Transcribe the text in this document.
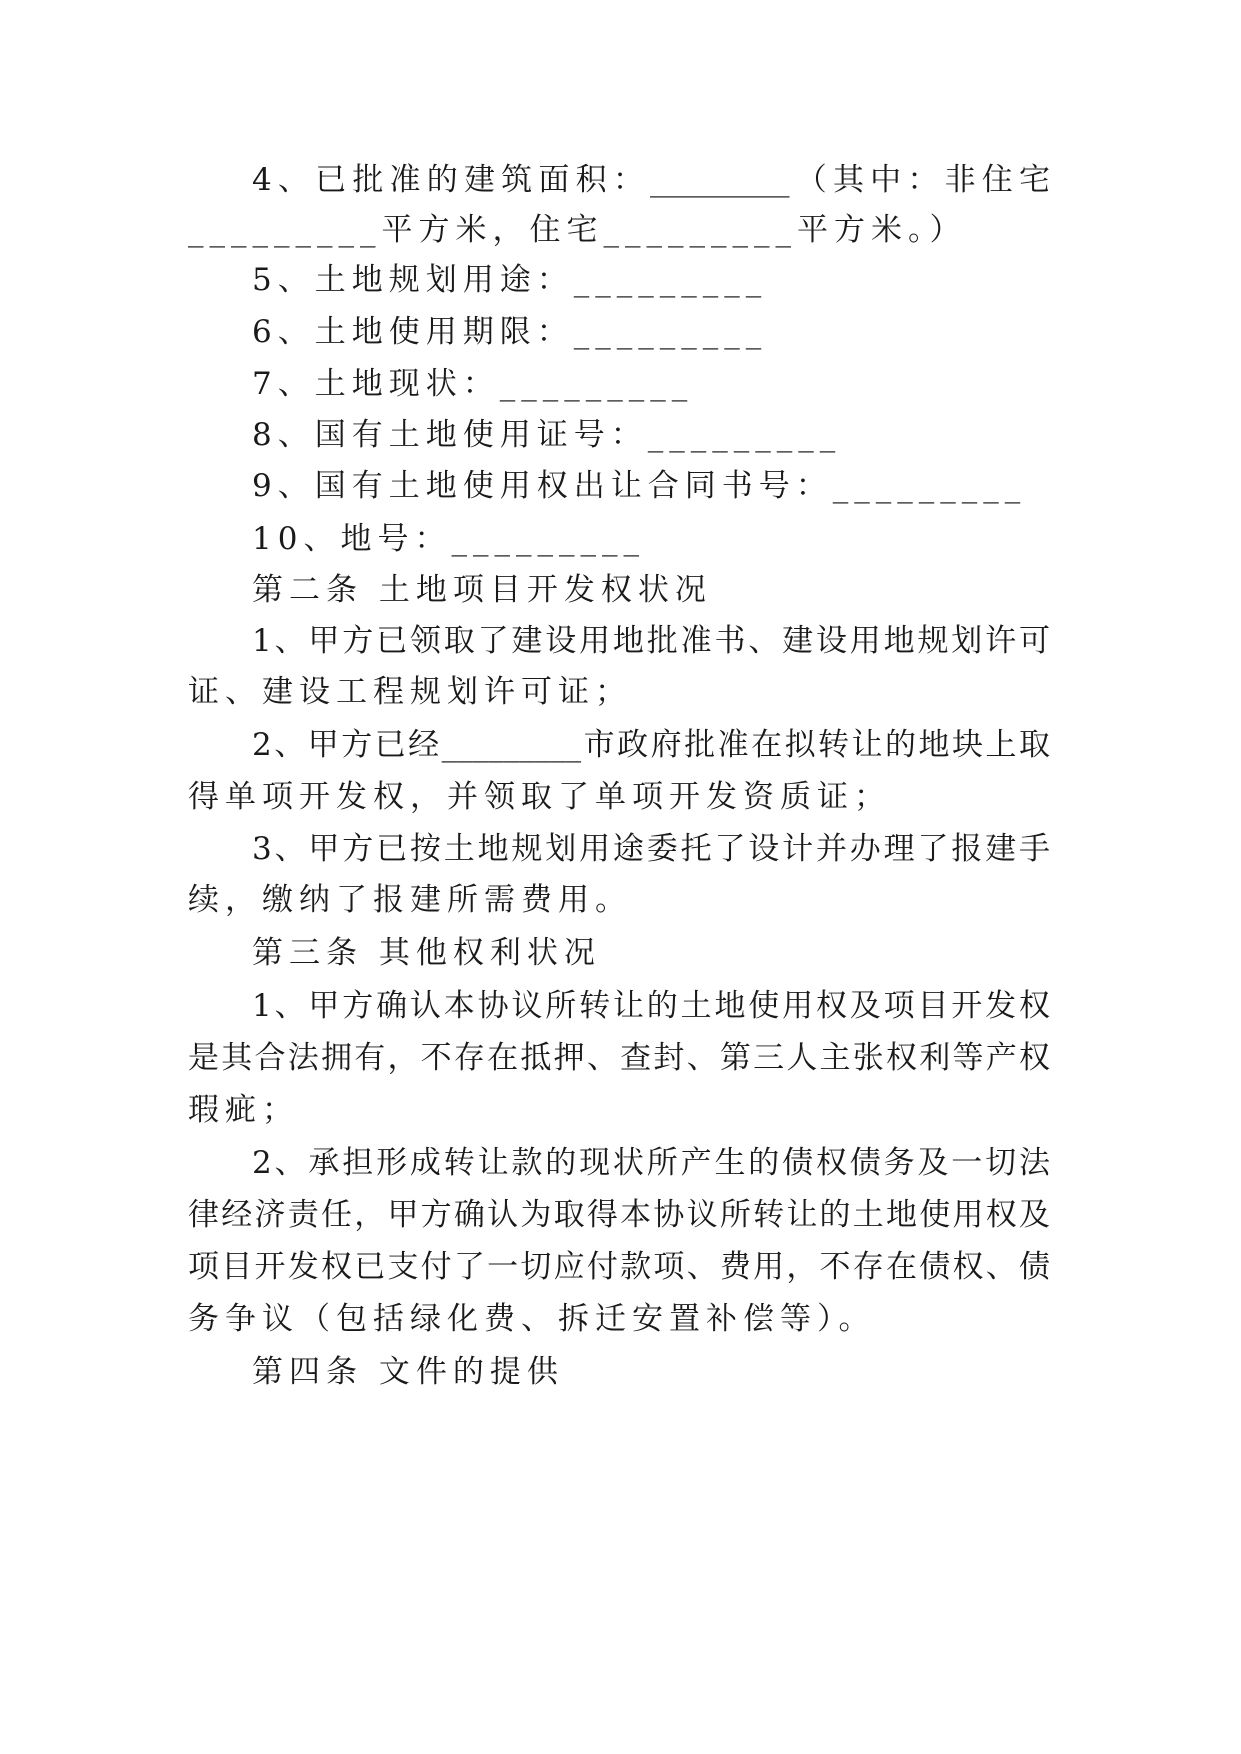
4、已批准的建筑面积：_________（其中：非住宅
_________平方米，住宅_________平方米。）
5、土地规划用途：_________
6、土地使用期限：_________
7、土地现状：_________
8、国有土地使用证号：_________
9、国有土地使用权出让合同书号：_________
10、地号：_________
第二条 土地项目开发权状况
1、甲方已领取了建设用地批准书、建设用地规划许可
证、建设工程规划许可证；
2、甲方已经_________市政府批准在拟转让的地块上取
得单项开发权，并领取了单项开发资质证；
3、甲方已按土地规划用途委托了设计并办理了报建手
续，缴纳了报建所需费用。
第三条 其他权利状况
1、甲方确认本协议所转让的土地使用权及项目开发权
是其合法拥有，不存在抵押、查封、第三人主张权利等产权
瑕疵；
2、承担形成转让款的现状所产生的债权债务及一切法
律经济责任，甲方确认为取得本协议所转让的土地使用权及
项目开发权已支付了一切应付款项、费用，不存在债权、债
务争议（包括绿化费、拆迁安置补偿等）。
第四条 文件的提供
